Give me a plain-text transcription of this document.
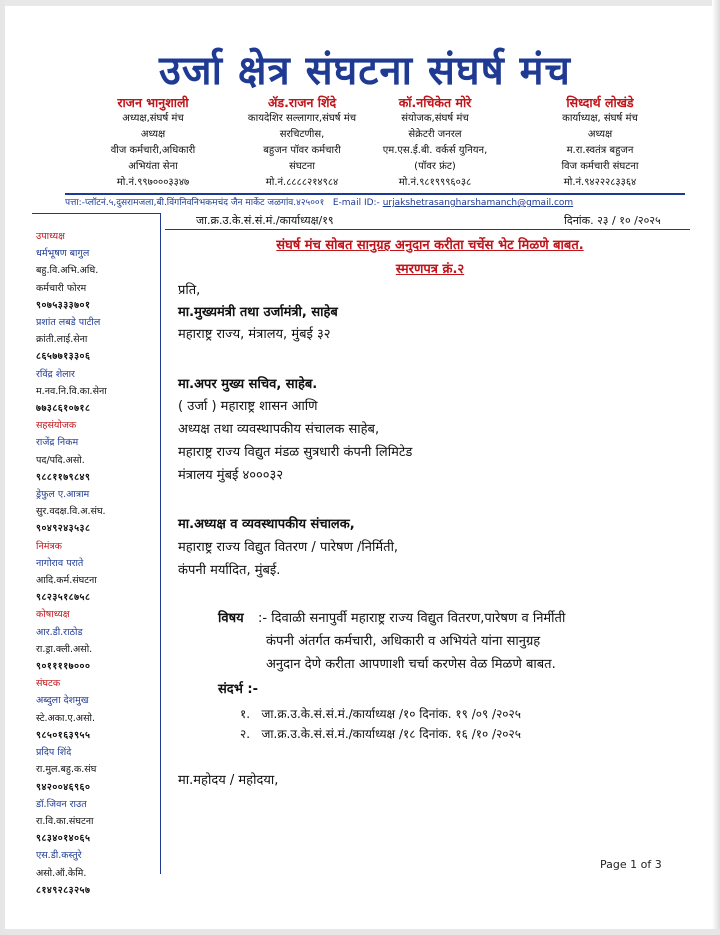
उर्जा क्षेत्र संघटना संघर्ष मंच
राजन भानुशाली
अध्यक्ष,संघर्ष मंच
अध्यक्ष
वीज कर्मचारी,अधिकारी
अभियंता सेना
मो.नं.९९७०००३३४७
ॲड.राजन शिंदे
कायदेशिर सल्लागार,संघर्ष मंच
सरचिटणीस,
बहुजन पॉवर कर्मचारी
संघटना
मो.नं.८८८८२१४९८४
कॉ.नचिकेत मोरे
संयोजक,संघर्ष मंच
सेक्रेटरी जनरल
एम.एस.ई.बी. वर्कर्स युनियन,
(पॉवर फ्रंट)
मो.नं.९८१९९९६०३८
सिध्दार्थ लोखंडे
कार्याध्यक्ष, संघर्ष मंच
अध्यक्ष
म.रा.स्वतंत्र बहुजन
विज कर्मचारी संघटना
मो.नं.९४२२२८३३६४
पत्ता:-प्लॉटनं.५,दुसरामजला,बी.विंगनिवनिभकमचंद जैन मार्केट जळगांव.४२५००१ E-mail ID:- urjakshetrasangharshamanch@gmail.com
उपाध्यक्ष
धर्मभूषण बागुल
बहु.वि.अभि.अधि.
कर्मचारी फोरम
९०७५३३३७०१
प्रशांत लबडे पाटील
क्रांती.लाई.सेना
८६५७७१३३०६
रविंद्र शेलार
म.नव.नि.वि.का.सेना
७७३८६१०७१८
सहसंयोजक
राजेंद्र निकम
पद/पदि.असो.
९८८११७९८४९
ड्रेफुल ए.आत्राम
सुर.वदक्ष.वि.अ.संघ.
९०४९२४३५३८
निमंत्रक
नागोराव पराते
आदि.कर्म.संघटना
९८२३५१८७५८
कोषाध्यक्ष
आर.डी.राठोड
रा.ड्रा.क्ली.असो.
९०११११७०००
संघटक
अब्दुला देशमुख
स्टे.अका.ए.असो.
९८५०१६३९५५
प्रदिप शिंदे
रा.मुल.बहु.क.संघ
९४२००४६९६०
डॉ.जिवन राउत
रा.वि.का.संघटना
९८३४०१४०६५
एस.डी.कस्तुरे
असो.ऑ.केमि.
८१४९२८३२५७
जा.क्र.उ.के.सं.सं.मं./कार्याध्यक्ष/१९	दिनांक. २३ / १० /२०२५
संघर्ष मंच सोबत सानुग्रह अनुदान करीता चर्चेस भेट मिळणे बाबत.
स्मरणपत्र क्रं.२
प्रति,
मा.मुख्यमंत्री तथा उर्जामंत्री, साहेब
महाराष्ट्र राज्य, मंत्रालय, मुंबई ३२
मा.अपर मुख्य सचिव, साहेब.
( उर्जा ) महाराष्ट्र शासन आणि
अध्यक्ष तथा व्यवस्थापकीय संचालक साहेब,
महाराष्ट्र राज्य विद्युत मंडळ सुत्रधारी कंपनी लिमिटेड
मंत्रालय मुंबई ४०००३२
मा.अध्यक्ष व व्यवस्थापकीय संचालक,
महाराष्ट्र राज्य विद्युत वितरण / पारेषण /निर्मिती,
कंपनी मर्यादित, मुंबई.
विषय :- दिवाळी सनापुर्वी महाराष्ट्र राज्य विद्युत वितरण,पारेषण व निर्मीती
कंपनी अंतर्गत कर्मचारी, अधिकारी व अभियंते यांना सानुग्रह
अनुदान देणे करीता आपणाशी चर्चा करणेस वेळ मिळणे बाबत.
संदर्भ :-
१. जा.क्र.उ.के.सं.सं.मं./कार्याध्यक्ष /१० दिनांक. १९ /०९ /२०२५
२. जा.क्र.उ.के.सं.सं.मं./कार्याध्यक्ष /१८ दिनांक. १६ /१० /२०२५
मा.महोदय / महोदया,
Page 1 of 3
